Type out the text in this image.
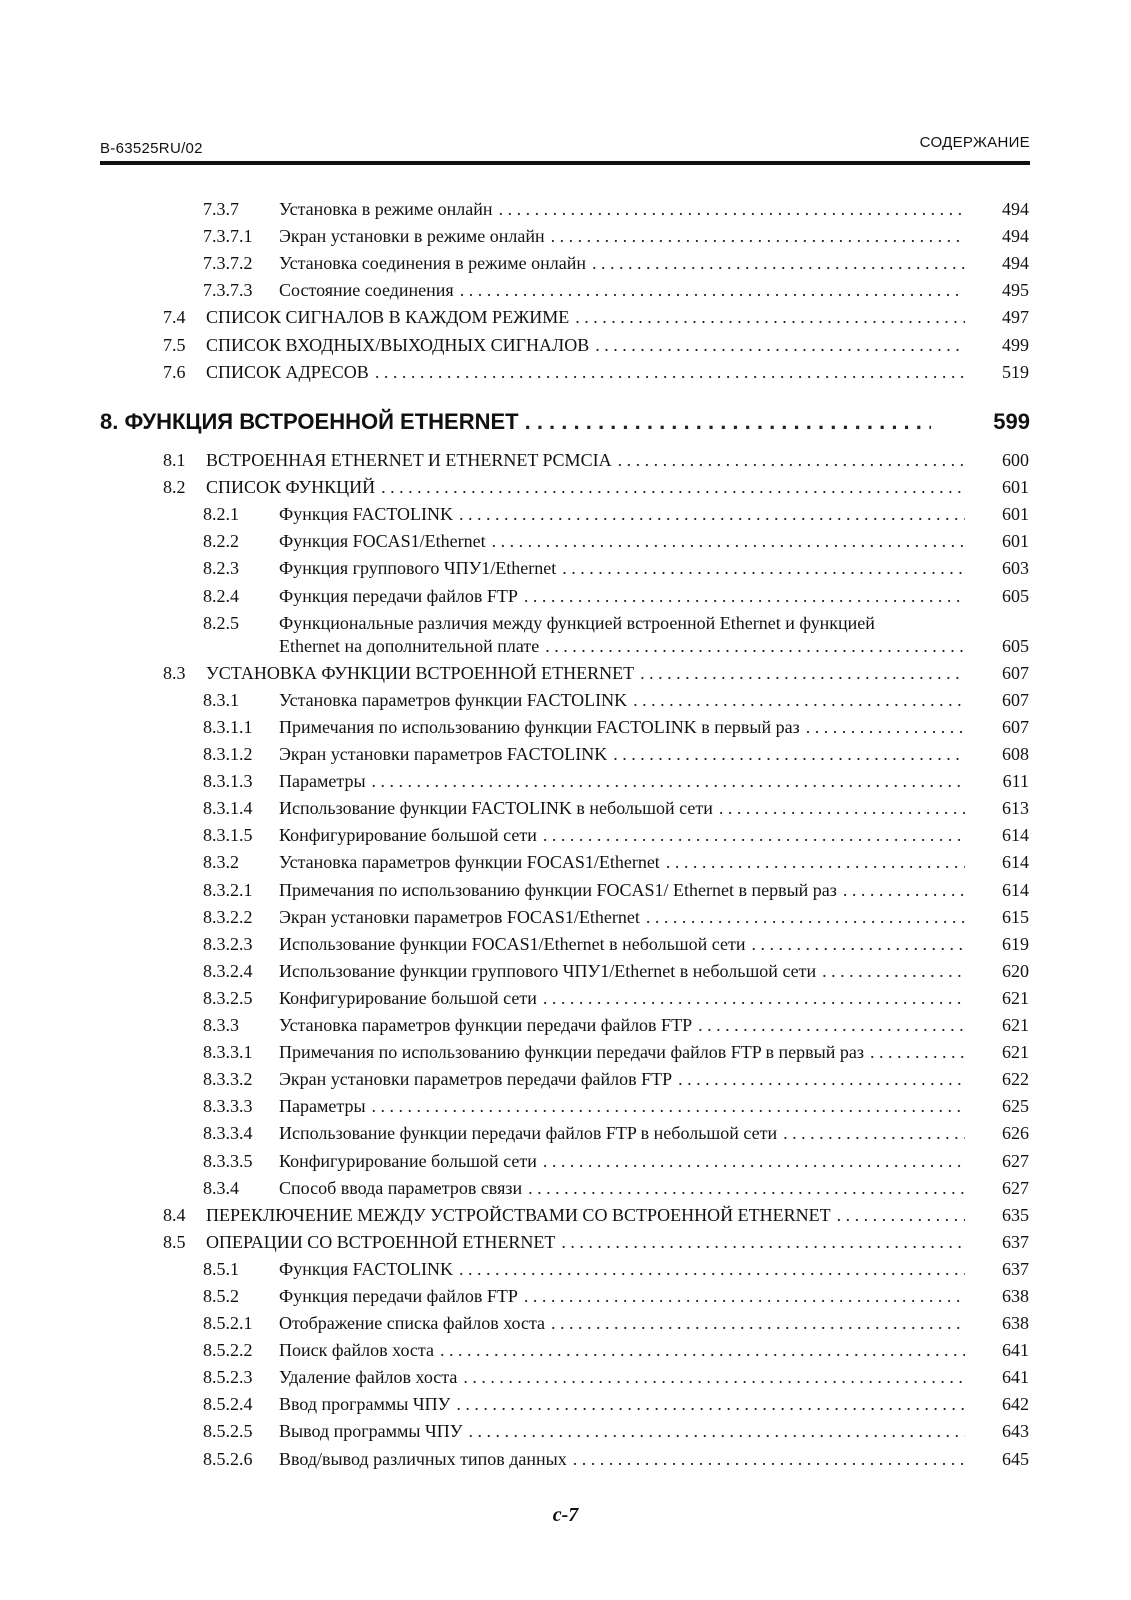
B-63525RU/02	СОДЕРЖАНИЕ
7.3.7 Установка в режиме онлайн . . .	494
7.3.7.1 Экран установки в режиме онлайн . . .	494
7.3.7.2 Установка соединения в режиме онлайн . . .	494
7.3.7.3 Состояние соединения . . .	495
7.4 СПИСОК СИГНАЛОВ В КАЖДОМ РЕЖИМЕ . . .	497
7.5 СПИСОК ВХОДНЫХ/ВЫХОДНЫХ СИГНАЛОВ . . .	499
7.6 СПИСОК АДРЕСОВ . . .	519
8. ФУНКЦИЯ ВСТРОЕННОЙ ETHERNET . . .	599
8.1 ВСТРОЕННАЯ ETHERNET И ETHERNET PCMCIA . . .	600
8.2 СПИСОК ФУНКЦИЙ . . .	601
8.2.1 Функция FACTOLINK . . .	601
8.2.2 Функция FOCAS1/Ethernet . . .	601
8.2.3 Функция группового ЧПУ1/Ethernet . . .	603
8.2.4 Функция передачи файлов FTP . . .	605
8.2.5 Функциональные различия между функцией встроенной Ethernet и функцией
Ethernet на дополнительной плате . . .	605
8.3 УСТАНОВКА ФУНКЦИИ ВСТРОЕННОЙ ETHERNET . . .	607
8.3.1 Установка параметров функции FACTOLINK . . .	607
8.3.1.1 Примечания по использованию функции FACTOLINK в первый раз . . .	607
8.3.1.2 Экран установки параметров FACTOLINK . . .	608
8.3.1.3 Параметры . . .	611
8.3.1.4 Использование функции FACTOLINK в небольшой сети . . .	613
8.3.1.5 Конфигурирование большой сети . . .	614
8.3.2 Установка параметров функции FOCAS1/Ethernet . . .	614
8.3.2.1 Примечания по использованию функции FOCAS1/ Ethernet в первый раз . . .	614
8.3.2.2 Экран установки параметров FOCAS1/Ethernet . . .	615
8.3.2.3 Использование функции FOCAS1/Ethernet в небольшой сети . . .	619
8.3.2.4 Использование функции группового ЧПУ1/Ethernet в небольшой сети . . .	620
8.3.2.5 Конфигурирование большой сети . . .	621
8.3.3 Установка параметров функции передачи файлов FTP . . .	621
8.3.3.1 Примечания по использованию функции передачи файлов FTP в первый раз . . .	621
8.3.3.2 Экран установки параметров передачи файлов FTP . . .	622
8.3.3.3 Параметры . . .	625
8.3.3.4 Использование функции передачи файлов FTP в небольшой сети . . .	626
8.3.3.5 Конфигурирование большой сети . . .	627
8.3.4 Способ ввода параметров связи . . .	627
8.4 ПЕРЕКЛЮЧЕНИЕ МЕЖДУ УСТРОЙСТВАМИ СО ВСТРОЕННОЙ ETHERNET . . .	635
8.5 ОПЕРАЦИИ СО ВСТРОЕННОЙ ETHERNET . . .	637
8.5.1 Функция FACTOLINK . . .	637
8.5.2 Функция передачи файлов FTP . . .	638
8.5.2.1 Отображение списка файлов хоста . . .	638
8.5.2.2 Поиск файлов хоста . . .	641
8.5.2.3 Удаление файлов хоста . . .	641
8.5.2.4 Ввод программы ЧПУ . . .	642
8.5.2.5 Вывод программы ЧПУ . . .	643
8.5.2.6 Ввод/вывод различных типов данных . . .	645
c-7
